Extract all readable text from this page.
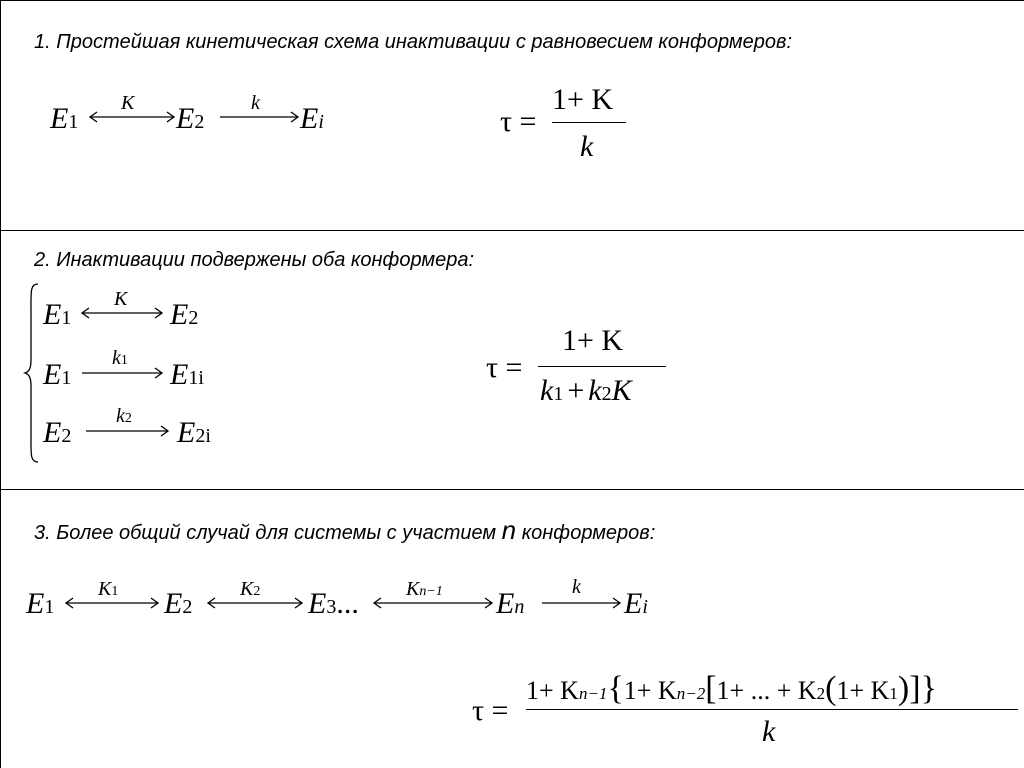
1. Простейшая кинетическая схема инактивации с равновесием конформеров:
E1
K E2
k Ei	τ =
1+ K
k
2. Инактивации подвержены оба конформера:
E1
K E2
E1
k1 E1i
E2
k2 E2i
τ =
1+ K
k1 + k2K
3. Более общий случай для системы с участием n конформеров:
E1
K1 E2
K2 E3... Kn−1 En
k Ei
τ =
1+ Kn−1{1+ Kn−2[1+ ... + K2(1+ K1)]}
k
